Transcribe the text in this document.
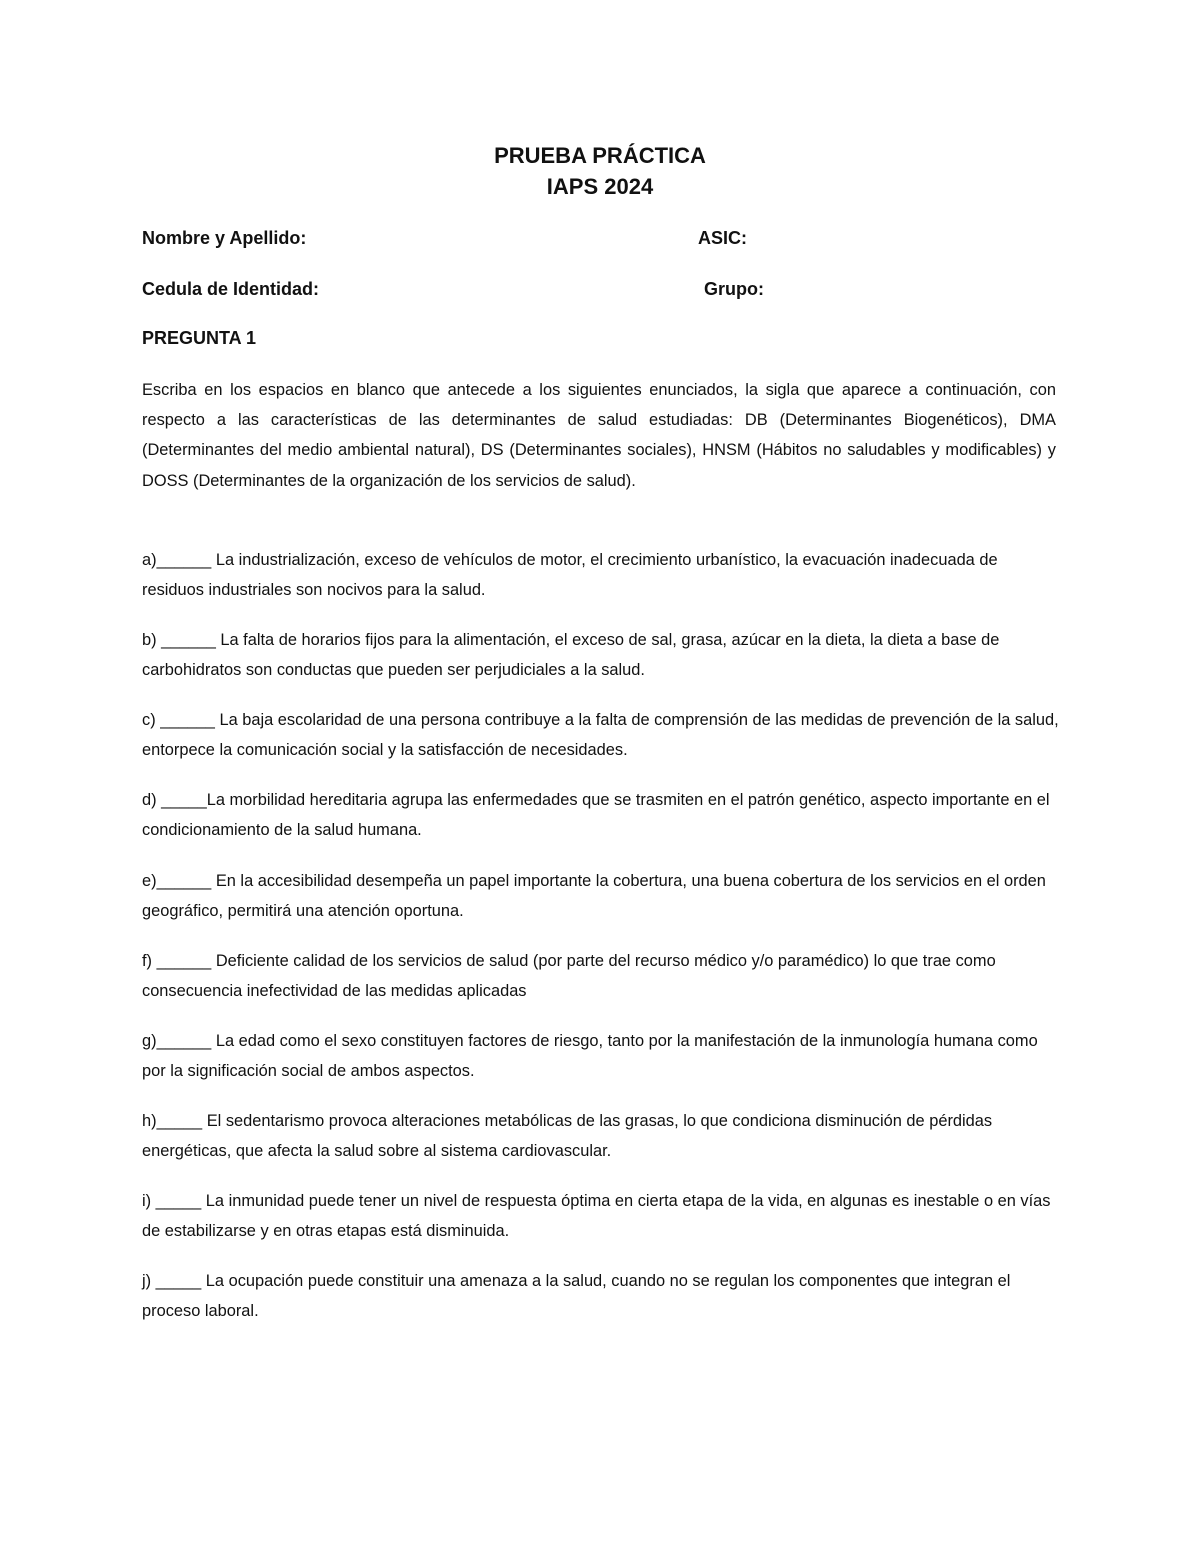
PRUEBA PRÁCTICA
IAPS 2024
Nombre y Apellido:	ASIC:
Cedula de Identidad:	Grupo:
PREGUNTA 1

Escriba en los espacios en blanco que antecede a los siguientes enunciados, la sigla que aparece a continuación, con respecto a las características de las determinantes de salud estudiadas: DB (Determinantes Biogenéticos), DMA (Determinantes del medio ambiental natural), DS (Determinantes sociales), HNSM (Hábitos no saludables y modificables) y DOSS (Determinantes de la organización de los servicios de salud).

a)______ La industrialización, exceso de vehículos de motor, el crecimiento urbanístico, la evacuación inadecuada de residuos industriales son nocivos para la salud.

b) ______ La falta de horarios fijos para la alimentación, el exceso de sal, grasa, azúcar en la dieta, la dieta a base de carbohidratos son conductas que pueden ser perjudiciales a la salud.

c) ______ La baja escolaridad de una persona contribuye a la falta de comprensión de las medidas de prevención de la salud, entorpece la comunicación social y la satisfacción de necesidades.

d) _____La morbilidad hereditaria agrupa las enfermedades que se trasmiten en el patrón genético, aspecto importante en el condicionamiento de la salud humana.

e)______ En la accesibilidad desempeña un papel importante la cobertura, una buena cobertura de los servicios en el orden geográfico, permitirá una atención oportuna.

f) ______ Deficiente calidad de los servicios de salud (por parte del recurso médico y/o paramédico) lo que trae como consecuencia inefectividad de las medidas aplicadas

g)______ La edad como el sexo constituyen factores de riesgo, tanto por la manifestación de la inmunología humana como por la significación social de ambos aspectos.

h)_____ El sedentarismo provoca alteraciones metabólicas de las grasas, lo que condiciona disminución de pérdidas energéticas, que afecta la salud sobre al sistema cardiovascular.

i) _____ La inmunidad puede tener un nivel de respuesta óptima en cierta etapa de la vida, en algunas es inestable o en vías de estabilizarse y en otras etapas está disminuida.

j) _____ La ocupación puede constituir una amenaza a la salud, cuando no se regulan los componentes que integran el proceso laboral.
